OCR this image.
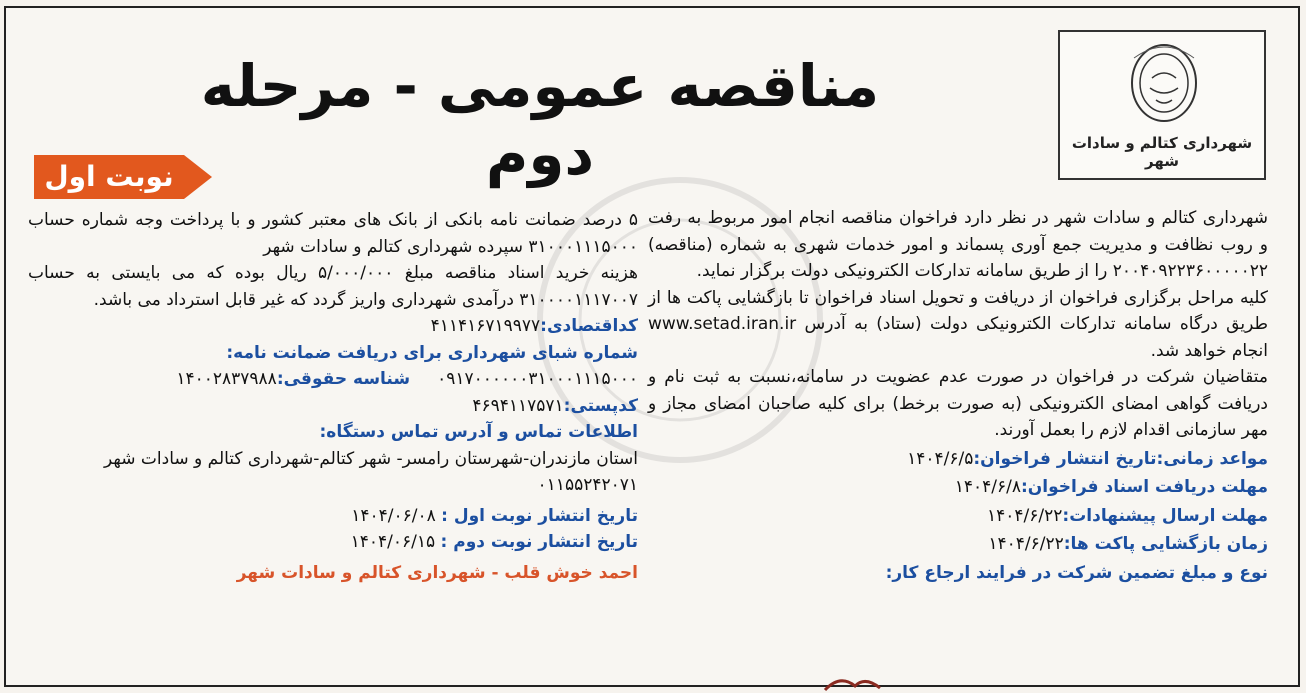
شهرداری کتالم و سادات شهر
مناقصه عمومی - مرحله دوم
نوبت اول

شهرداری کتالم و سادات شهر در نظر دارد فراخوان مناقصه انجام امور مربوط به رفت و روب نظافت و مدیریت جمع آوری پسماند و امور خدمات شهری به شماره (مناقصه) ۲۰۰۴۰۹۲۲۳۶۰۰۰۰۰۲۲ را از طریق سامانه تدارکات الکترونیکی دولت برگزار نماید.

کلیه مراحل برگزاری فراخوان از دریافت و تحویل اسناد فراخوان تا بازگشایی پاکت ها از طریق درگاه سامانه تدارکات الکترونیکی دولت (ستاد) به آدرس www.setad.iran.ir انجام خواهد شد.

متقاضیان شرکت در فراخوان در صورت عدم عضویت در سامانه،نسبت به ثبت نام و دریافت گواهی امضای الکترونیکی (به صورت برخط) برای کلیه صاحبان امضای مجاز و مهر سازمانی اقدام لازم را بعمل آورند.

مواعد زمانی:تاریخ انتشار فراخوان:۱۴۰۴/۶/۵
مهلت دریافت اسناد فراخوان:۱۴۰۴/۶/۸
مهلت ارسال پیشنهادات:۱۴۰۴/۶/۲۲
زمان بازگشایی پاکت ها:۱۴۰۴/۶/۲۲
نوع و مبلغ تضمین شرکت در فرایند ارجاع کار:

۵ درصد ضمانت نامه بانکی از بانک های معتبر کشور و با پرداخت وجه شماره حساب ۳۱۰۰۰۱۱۱۵۰۰۰ سپرده شهرداری کتالم و سادات شهر

هزینه خرید اسناد مناقصه مبلغ ۵/۰۰۰/۰۰۰ ریال بوده که می بایستی به حساب ۳۱۰۰۰۰۱۱۱۷۰۰۷ درآمدی شهرداری واریز گردد که غیر قابل استرداد می باشد.

کداقتصادی:۴۱۱۴۱۶۷۱۹۹۷۷
شماره شبای شهرداری برای دریافت ضمانت نامه:
۰۹۱۷۰۰۰۰۰۰۳۱۰۰۰۱۱۱۵۰۰۰     شناسه حقوقی:۱۴۰۰۲۸۳۷۹۸۸
کدپستی:۴۶۹۴۱۱۷۵۷۱
اطلاعات تماس و آدرس تماس دستگاه:
استان مازندران-شهرستان رامسر- شهر کتالم-شهرداری کتالم و سادات شهر
۰۱۱۵۵۲۴۲۰۷۱
تاریخ انتشار نوبت اول : ۱۴۰۴/۰۶/۰۸
تاریخ انتشار نوبت دوم : ۱۴۰۴/۰۶/۱۵
احمد خوش قلب - شهرداری کتالم و سادات شهر
